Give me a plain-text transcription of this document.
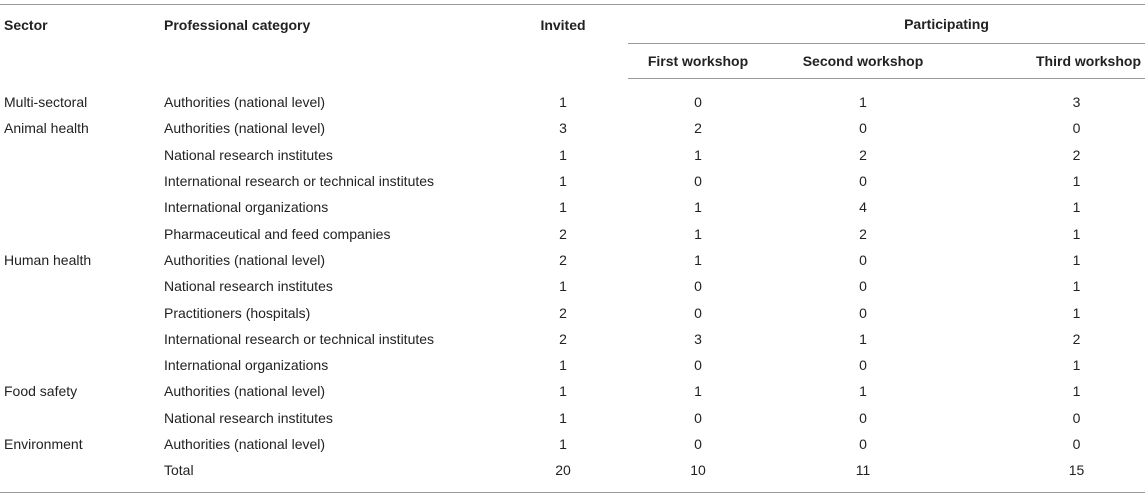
Sector	Professional category	Invited	Participating		
			First workshop	Second workshop	Third workshop
Multi-sectoral	Authorities (national level)	1	0	1	3
Animal health	Authorities (national level)	3	2	0	0
	National research institutes	1	1	2	2
	International research or technical institutes	1	0	0	1
	International organizations	1	1	4	1
	Pharmaceutical and feed companies	2	1	2	1
Human health	Authorities (national level)	2	1	0	1
	National research institutes	1	0	0	1
	Practitioners (hospitals)	2	0	0	1
	International research or technical institutes	2	3	1	2
	International organizations	1	0	0	1
Food safety	Authorities (national level)	1	1	1	1
	National research institutes	1	0	0	0
Environment	Authorities (national level)	1	0	0	0
	Total	20	10	11	15
